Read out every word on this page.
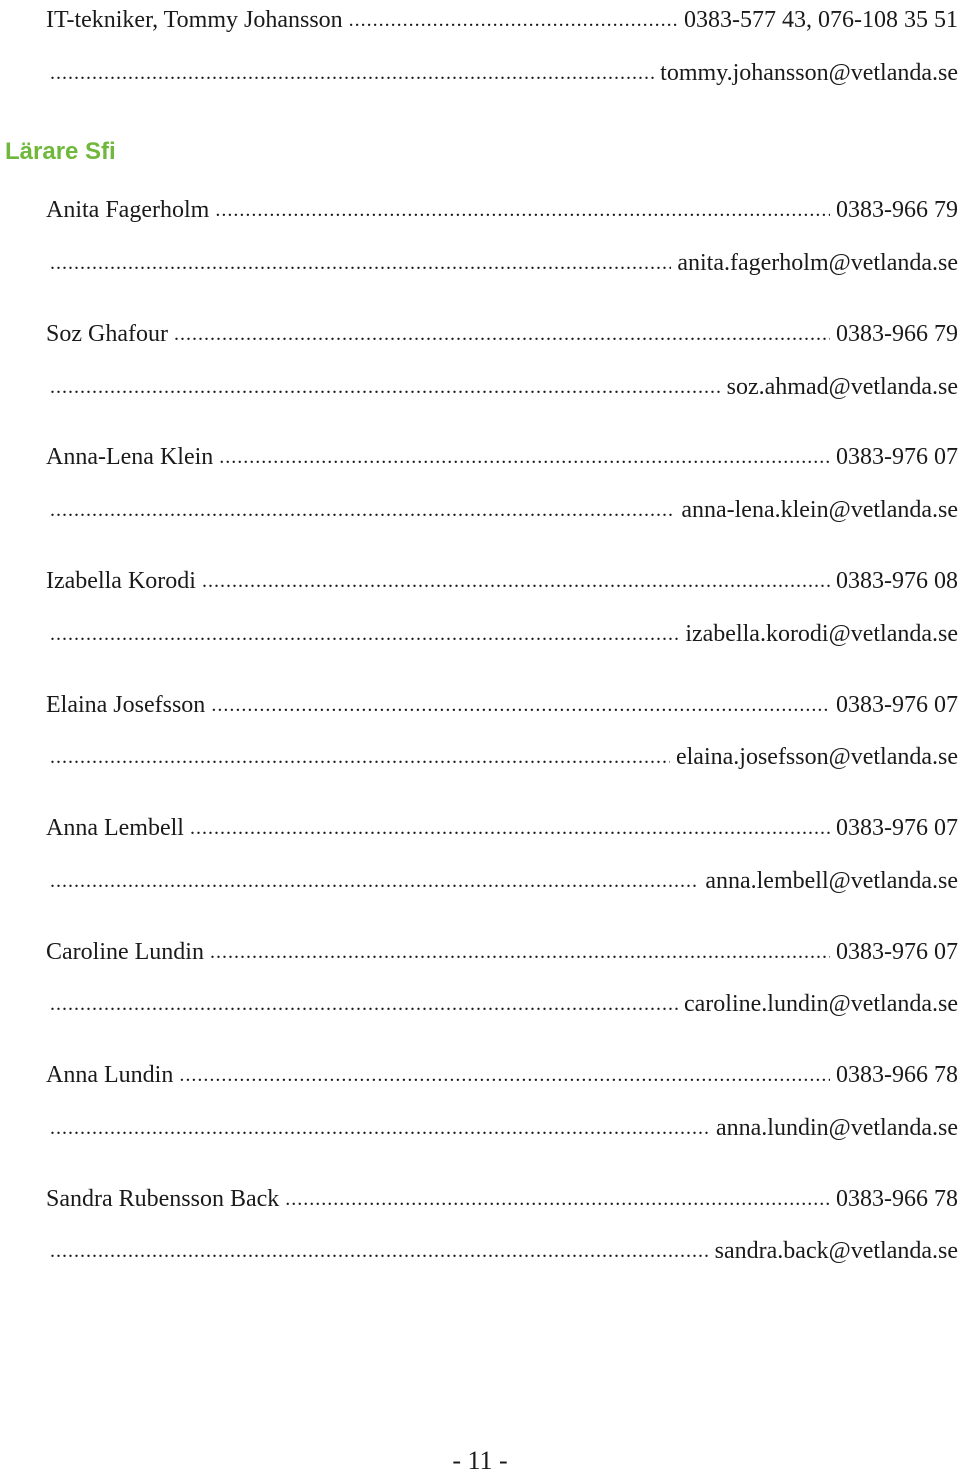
IT-tekniker, Tommy Johansson .....	0383-577 43, 076-108 35 51
.....
tommy.johansson@vetlanda.se
Lärare Sfi
Anita Fagerholm .....	0383-966 79
.....
anita.fagerholm@vetlanda.se
Soz Ghafour .....	0383-966 79
.....
soz.ahmad@vetlanda.se
Anna-Lena Klein .....	0383-976 07
.....
anna-lena.klein@vetlanda.se
Izabella Korodi .....	0383-976 08
.....
izabella.korodi@vetlanda.se
Elaina Josefsson .....	0383-976 07
.....
elaina.josefsson@vetlanda.se
Anna Lembell .....	0383-976 07
.....
anna.lembell@vetlanda.se
Caroline Lundin .....	0383-976 07
.....
caroline.lundin@vetlanda.se
Anna Lundin .....	0383-966 78
.....
anna.lundin@vetlanda.se
Sandra Rubensson Back .....	0383-966 78
.....
sandra.back@vetlanda.se
- 11 -
